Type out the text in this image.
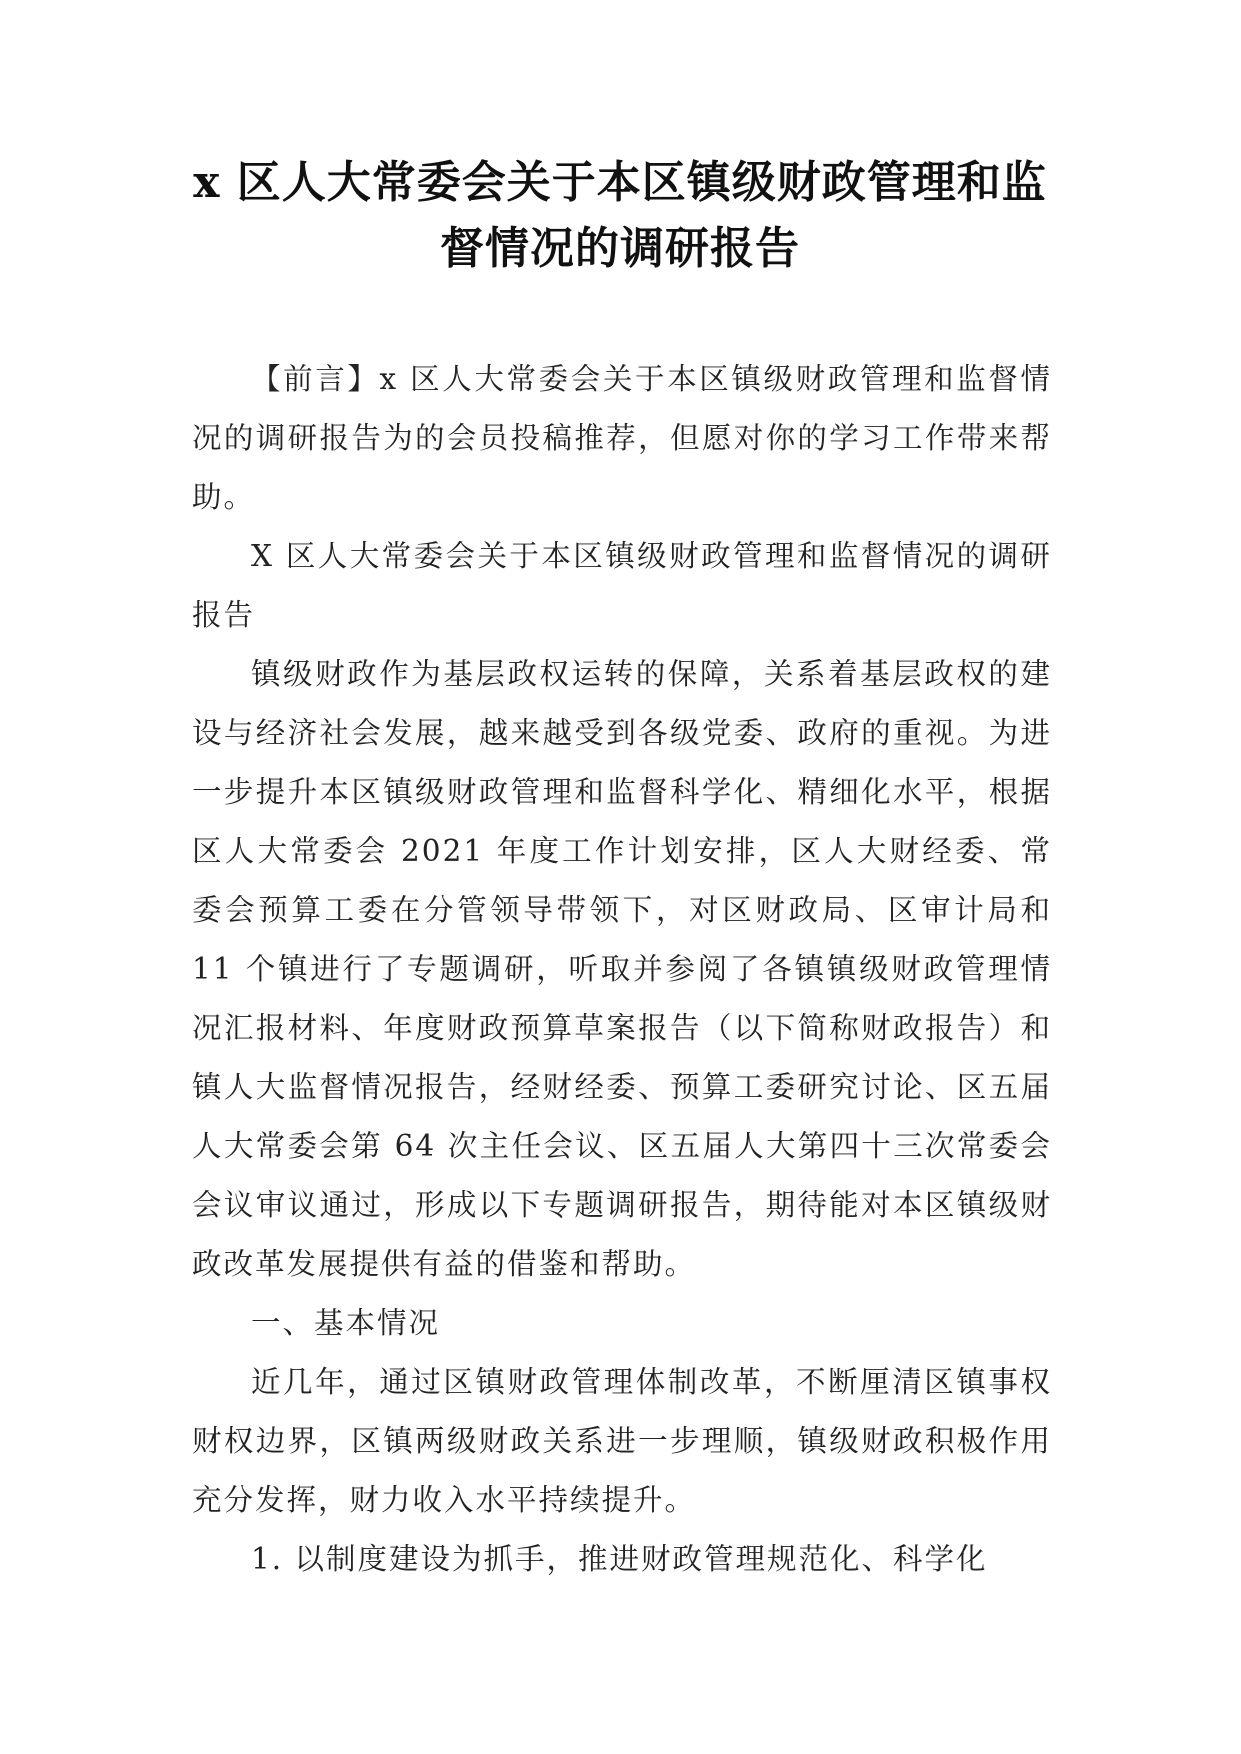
x 区人大常委会关于本区镇级财政管理和监
督情况的调研报告

【前言】x 区人大常委会关于本区镇级财政管理和监督情况的调研报告为的会员投稿推荐，但愿对你的学习工作带来帮助。

X 区人大常委会关于本区镇级财政管理和监督情况的调研报告

镇级财政作为基层政权运转的保障，关系着基层政权的建设与经济社会发展，越来越受到各级党委、政府的重视。为进一步提升本区镇级财政管理和监督科学化、精细化水平，根据区人大常委会 2021 年度工作计划安排，区人大财经委、常委会预算工委在分管领导带领下，对区财政局、区审计局和 11 个镇进行了专题调研，听取并参阅了各镇镇级财政管理情况汇报材料、年度财政预算草案报告（以下简称财政报告）和镇人大监督情况报告，经财经委、预算工委研究讨论、区五届人大常委会第 64 次主任会议、区五届人大第四十三次常委会会议审议通过，形成以下专题调研报告，期待能对本区镇级财政改革发展提供有益的借鉴和帮助。

一、基本情况

近几年，通过区镇财政管理体制改革，不断厘清区镇事权财权边界，区镇两级财政关系进一步理顺，镇级财政积极作用充分发挥，财力收入水平持续提升。

1. 以制度建设为抓手，推进财政管理规范化、科学化
